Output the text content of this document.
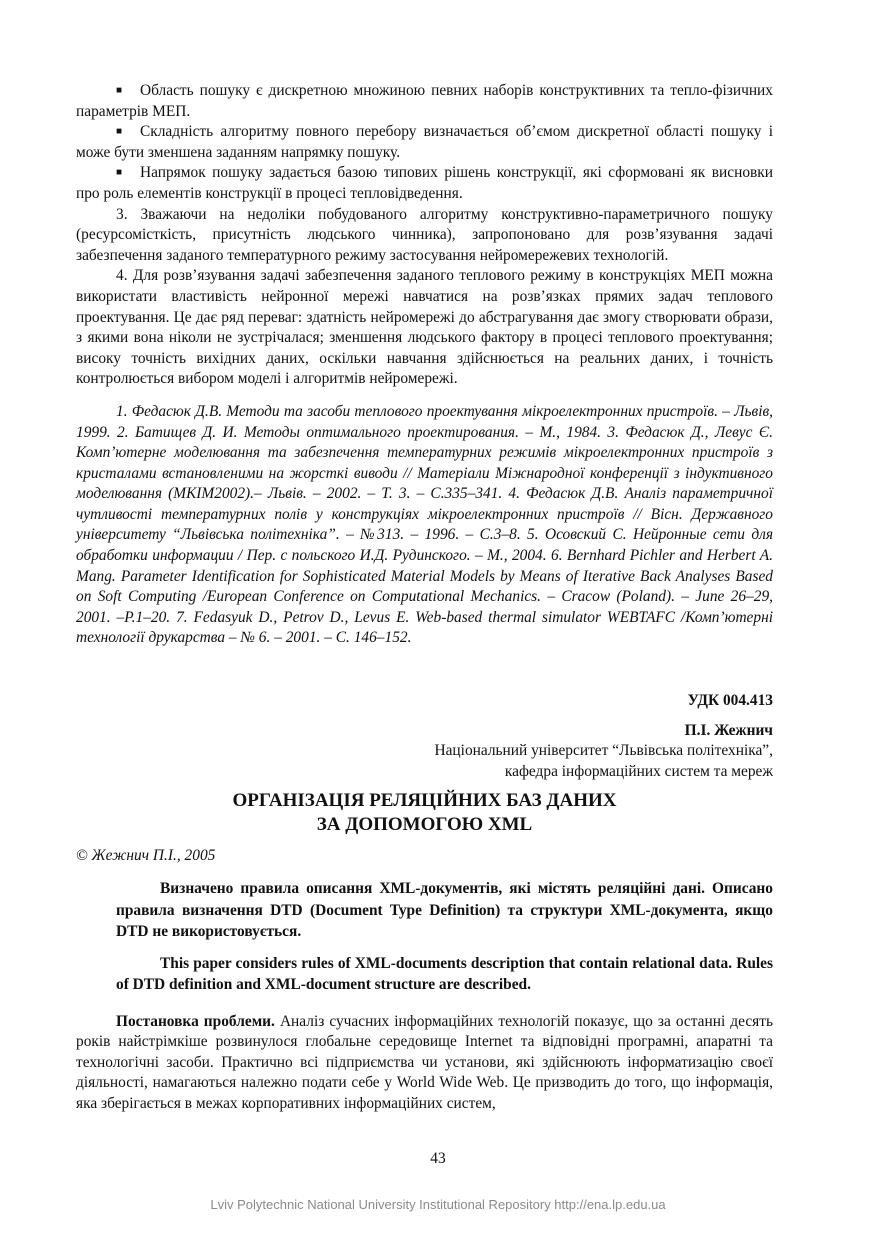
■ Область пошуку є дискретною множиною певних наборів конструктивних та тепло-фізичних параметрів МЕП.

■ Складність алгоритму повного перебору визначається об’ємом дискретної області пошуку і може бути зменшена заданням напрямку пошуку.

■ Напрямок пошуку задається базою типових рішень конструкції, які сформовані як висновки про роль елементів конструкції в процесі тепловідведення.

3. Зважаючи на недоліки побудованого алгоритму конструктивно-параметричного пошуку (ресурсомісткість, присутність людського чинника), запропоновано для розв’язування задачі забезпечення заданого температурного режиму застосування нейромережевих технологій.

4. Для розв’язування задачі забезпечення заданого теплового режиму в конструкціях МЕП можна використати властивість нейронної мережі навчатися на розв’язках прямих задач теплового проектування. Це дає ряд переваг: здатність нейромережі до абстрагування дає змогу створювати образи, з якими вона ніколи не зустрічалася; зменшення людського фактору в процесі теплового проектування; високу точність вихідних даних, оскільки навчання здійснюється на реальних даних, і точність контролюється вибором моделі і алгоритмів нейромережі.

1. Федасюк Д.В. Методи та засоби теплового проектування мікроелектронних пристроїв. – Львів, 1999. 2. Батищев Д. И. Методы оптимального проектирования. – М., 1984. 3. Федасюк Д., Левус Є. Комп’ютерне моделювання та забезпечення температурних режимів мікроелектронних пристроїв з кристалами встановленими на жорсткі виводи // Матеріали Міжнародної конференції з індуктивного моделювання (МКІМ2002).– Львів. – 2002. – Т. 3. – С.335–341. 4. Федасюк Д.В. Аналіз параметричної чутливості температурних полів у конструкціях мікроелектронних пристроїв // Вісн. Державного університету “Львівська політехніка”. – №313. – 1996. – С.3–8. 5. Осовский С. Нейронные сети для обработки информации / Пер. с польского И.Д. Рудинского. – М., 2004. 6. Bernhard Pichler and Herbert A. Mang. Parameter Identification for Sophisticated Material Models by Means of Iterative Back Analyses Based on Soft Computing /European Conference on Computational Mechanics. – Cracow (Poland). – June 26–29, 2001. –P.1–20. 7. Fedasyuk D., Petrov D., Levus E. Web-based thermal simulator WEBTAFC /Комп’ютерні технології друкарства – № 6. – 2001. – С. 146–152.

УДК 004.413

П.І. Жежнич

Національний університет “Львівська політехніка”,

кафедра інформаційних систем та мереж

ОРГАНІЗАЦІЯ РЕЛЯЦІЙНИХ БАЗ ДАНИХ
ЗА ДОПОМОГОЮ XML

© Жежнич П.І., 2005

Визначено правила описання XML-документів, які містять реляційні дані. Описано правила визначення DTD (Document Type Definition) та структури XML-документа, якщо DTD не використовується.

This paper considers rules of XML-documents description that contain relational data. Rules of DTD definition and XML-document structure are described.

Постановка проблеми. Аналіз сучасних інформаційних технологій показує, що за останні десять років найстрімкіше розвинулося глобальне середовище Internet та відповідні програмні, апаратні та технологічні засоби. Практично всі підприємства чи установи, які здійснюють інформатизацію своєї діяльності, намагаються належно подати себе у World Wide Web. Це призводить до того, що інформація, яка зберігається в межах корпоративних інформаційних систем,

43
Lviv Polytechnic National University Institutional Repository http://ena.lp.edu.ua
